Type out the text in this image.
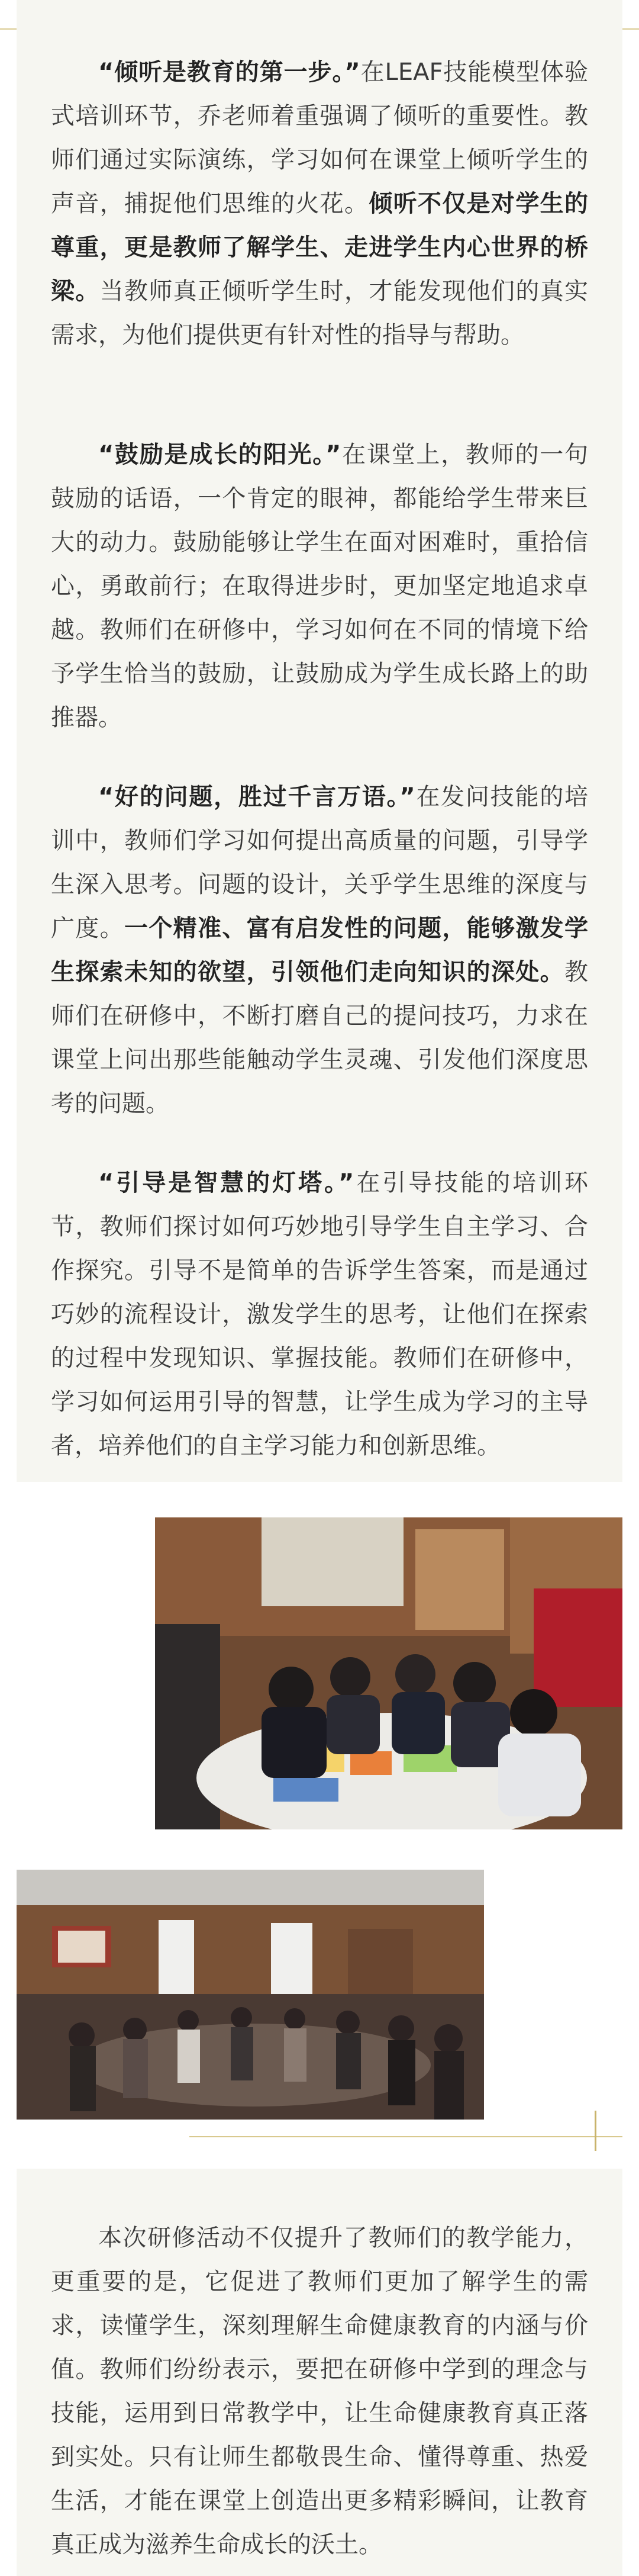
“倾听是教育的第一步。”在LEAF技能模型体验式培训环节，乔老师着重强调了倾听的重要性。教师们通过实际演练，学习如何在课堂上倾听学生的声音，捕捉他们思维的火花。倾听不仅是对学生的尊重，更是教师了解学生、走进学生内心世界的桥梁。当教师真正倾听学生时，才能发现他们的真实需求，为他们提供更有针对性的指导与帮助。

“鼓励是成长的阳光。”在课堂上，教师的一句鼓励的话语，一个肯定的眼神，都能给学生带来巨大的动力。鼓励能够让学生在面对困难时，重拾信心，勇敢前行；在取得进步时，更加坚定地追求卓越。教师们在研修中，学习如何在不同的情境下给予学生恰当的鼓励，让鼓励成为学生成长路上的助推器。

“好的问题，胜过千言万语。”在发问技能的培训中，教师们学习如何提出高质量的问题，引导学生深入思考。问题的设计，关乎学生思维的深度与广度。一个精准、富有启发性的问题，能够激发学生探索未知的欲望，引领他们走向知识的深处。教师们在研修中，不断打磨自己的提问技巧，力求在课堂上问出那些能触动学生灵魂、引发他们深度思考的问题。

“引导是智慧的灯塔。”在引导技能的培训环节，教师们探讨如何巧妙地引导学生自主学习、合作探究。引导不是简单的告诉学生答案，而是通过巧妙的流程设计，激发学生的思考，让他们在探索的过程中发现知识、掌握技能。教师们在研修中，学习如何运用引导的智慧，让学生成为学习的主导者，培养他们的自主学习能力和创新思维。

本次研修活动不仅提升了教师们的教学能力，更重要的是，它促进了教师们更加了解学生的需求，读懂学生，深刻理解生命健康教育的内涵与价值。教师们纷纷表示，要把在研修中学到的理念与技能，运用到日常教学中，让生命健康教育真正落到实处。只有让师生都敬畏生命、懂得尊重、热爱生活，才能在课堂上创造出更多精彩瞬间，让教育真正成为滋养生命成长的沃土。
